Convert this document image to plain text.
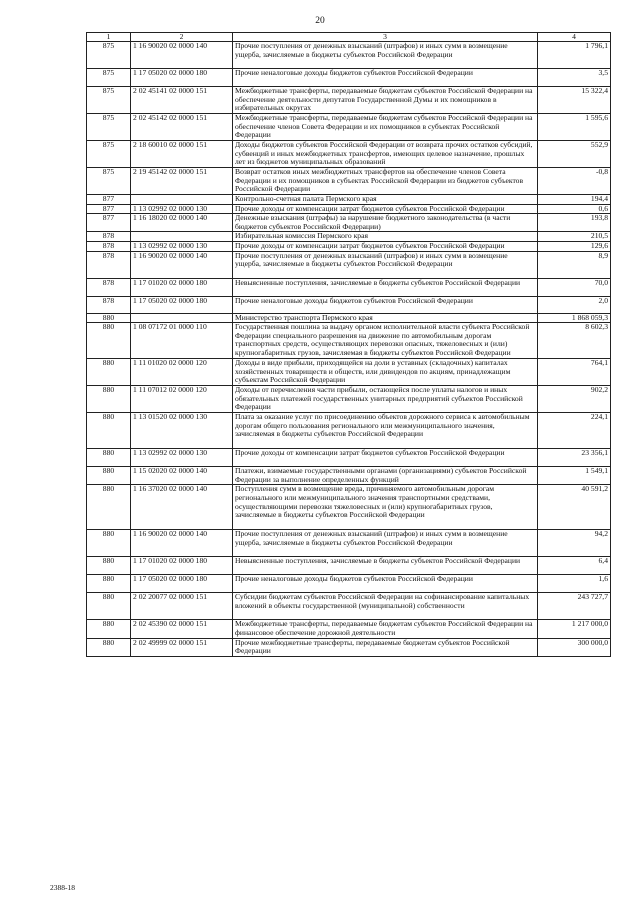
20
1	2	3	4
875	1 16 90020 02 0000 140	Прочие поступления от денежных взысканий (штрафов) и иных сумм в возмещение ущерба, зачисляемые в бюджеты субъектов Российской Федерации	1 796,1
875	1 17 05020 02 0000 180	Прочие неналоговые доходы бюджетов субъектов Российской Федерации	3,5
875	2 02 45141 02 0000 151	Межбюджетные трансферты, передаваемые бюджетам субъектов Российской Федерации на обеспечение деятельности депутатов Государственной Думы и их помощников в избирательных округах	15 322,4
875	2 02 45142 02 0000 151	Межбюджетные трансферты, передаваемые бюджетам субъектов Российской Федерации на обеспечение членов Совета Федерации и их помощников в субъектах Российской Федерации	1 595,6
875	2 18 60010 02 0000 151	Доходы бюджетов субъектов Российской Федерации от возврата прочих остатков субсидий, субвенций и иных межбюджетных трансфертов, имеющих целевое назначение, прошлых лет из бюджетов муниципальных образований	552,9
875	2 19 45142 02 0000 151	Возврат остатков иных межбюджетных трансфертов на обеспечение членов Совета Федерации и их помощников в субъектах Российской Федерации из бюджетов субъектов Российской Федерации	-0,8
877		Контрольно-счетная палата Пермского края	194,4
877	1 13 02992 02 0000 130	Прочие доходы от компенсации затрат бюджетов субъектов Российской Федерации	0,6
877	1 16 18020 02 0000 140	Денежные взыскания (штрафы) за нарушение бюджетного законодательства (в части бюджетов субъектов Российской Федерации)	193,8
878		Избирательная комиссия Пермского края	210,5
878	1 13 02992 02 0000 130	Прочие доходы от компенсации затрат бюджетов субъектов Российской Федерации	129,6
878	1 16 90020 02 0000 140	Прочие поступления от денежных взысканий (штрафов) и иных сумм в возмещение ущерба, зачисляемые в бюджеты субъектов Российской Федерации	8,9
878	1 17 01020 02 0000 180	Невыясненные поступления, зачисляемые в бюджеты субъектов Российской Федерации	70,0
878	1 17 05020 02 0000 180	Прочие неналоговые доходы бюджетов субъектов Российской Федерации	2,0
880		Министерство транспорта Пермского края	1 868 059,3
880	1 08 07172 01 0000 110	Государственная пошлина за выдачу органом исполнительной власти субъекта Российской Федерации специального разрешения на движение по автомобильным дорогам транспортных средств, осуществляющих перевозки опасных, тяжеловесных и (или) крупногабаритных грузов, зачисляемая в бюджеты субъектов Российской Федерации	8 602,3
880	1 11 01020 02 0000 120	Доходы в виде прибыли, приходящейся на доли в уставных (складочных) капиталах хозяйственных товариществ и обществ, или дивидендов по акциям, принадлежащим субъектам Российской Федерации	764,1
880	1 11 07012 02 0000 120	Доходы от перечисления части прибыли, остающейся после уплаты налогов и иных обязательных платежей государственных унитарных предприятий субъектов Российской Федерации	902,2
880	1 13 01520 02 0000 130	Плата за оказание услуг по присоединению объектов дорожного сервиса к автомобильным дорогам общего пользования регионального или межмуниципального значения, зачисляемая в бюджеты субъектов Российской Федерации	224,1
880	1 13 02992 02 0000 130	Прочие доходы от компенсации затрат бюджетов субъектов Российской Федерации	23 356,1
880	1 15 02020 02 0000 140	Платежи, взимаемые государственными органами (организациями) субъектов Российской Федерации за выполнение определенных функций	1 549,1
880	1 16 37020 02 0000 140	Поступления сумм в возмещение вреда, причиняемого автомобильным дорогам регионального или межмуниципального значения транспортными средствами, осуществляющими перевозки тяжеловесных и (или) крупногабаритных грузов, зачисляемые в бюджеты субъектов Российской Федерации	40 591,2
880	1 16 90020 02 0000 140	Прочие поступления от денежных взысканий (штрафов) и иных сумм в возмещение ущерба, зачисляемые в бюджеты субъектов Российской Федерации	94,2
880	1 17 01020 02 0000 180	Невыясненные поступления, зачисляемые в бюджеты субъектов Российской Федерации	6,4
880	1 17 05020 02 0000 180	Прочие неналоговые доходы бюджетов субъектов Российской Федерации	1,6
880	2 02 20077 02 0000 151	Субсидии бюджетам субъектов Российской Федерации на софинансирование капитальных вложений в объекты государственной (муниципальной) собственности	243 727,7
880	2 02 45390 02 0000 151	Межбюджетные трансферты, передаваемые бюджетам субъектов Российской Федерации на финансовое обеспечение дорожной деятельности	1 217 000,0
880	2 02 49999 02 0000 151	Прочие межбюджетные трансферты, передаваемые бюджетам субъектов Российской Федерации	300 000,0
2388-18
